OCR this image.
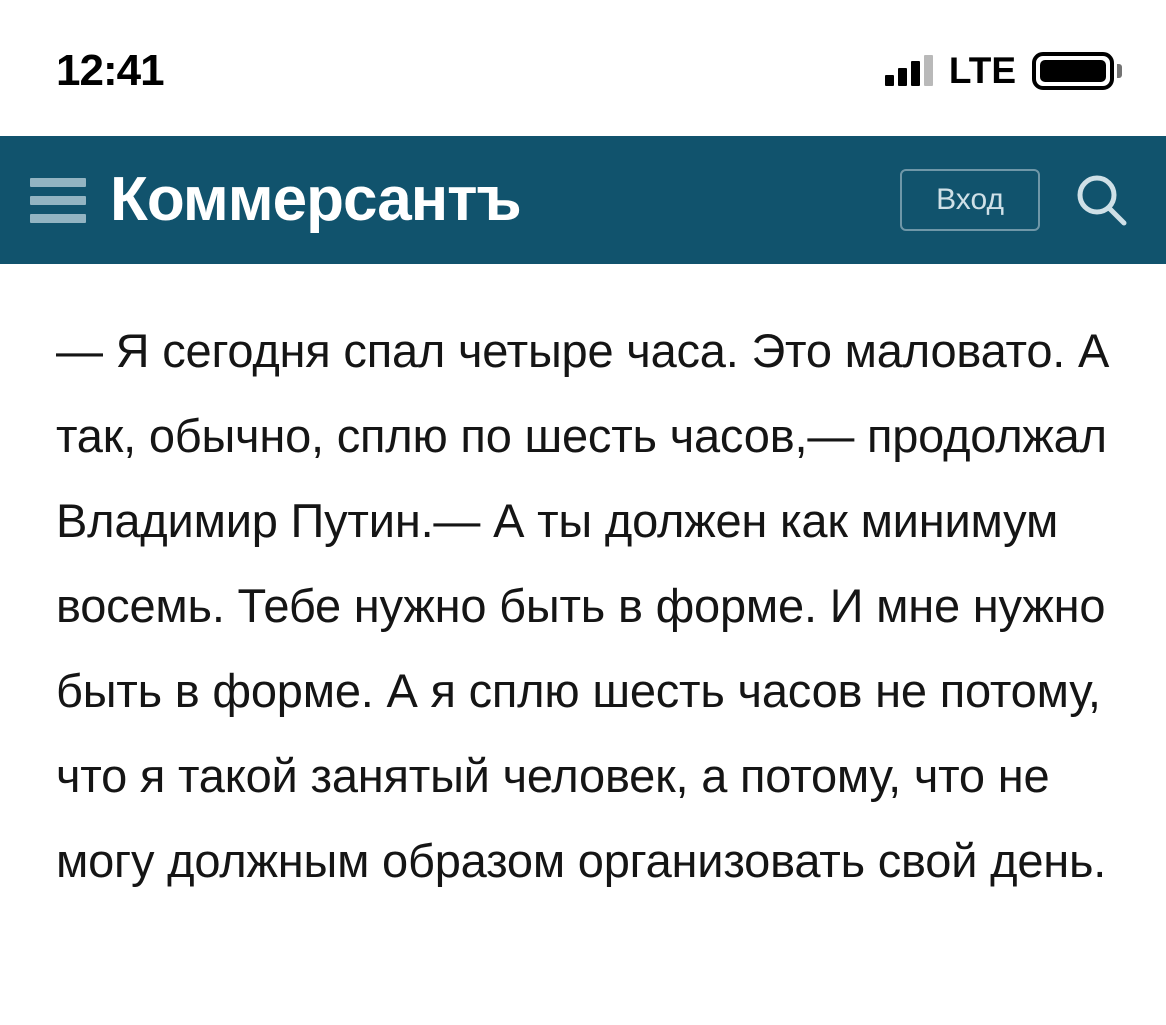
12:41	LTE
Коммерсантъ	Вход

— Я сегодня спал четыре часа. Это маловато. А так, обычно, сплю по шесть часов,— продолжал Владимир Путин.— А ты должен как минимум восемь. Тебе нужно быть в форме. И мне нужно быть в форме. А я сплю шесть часов не потому, что я такой занятый человек, а потому, что не могу должным образом организовать свой день.
